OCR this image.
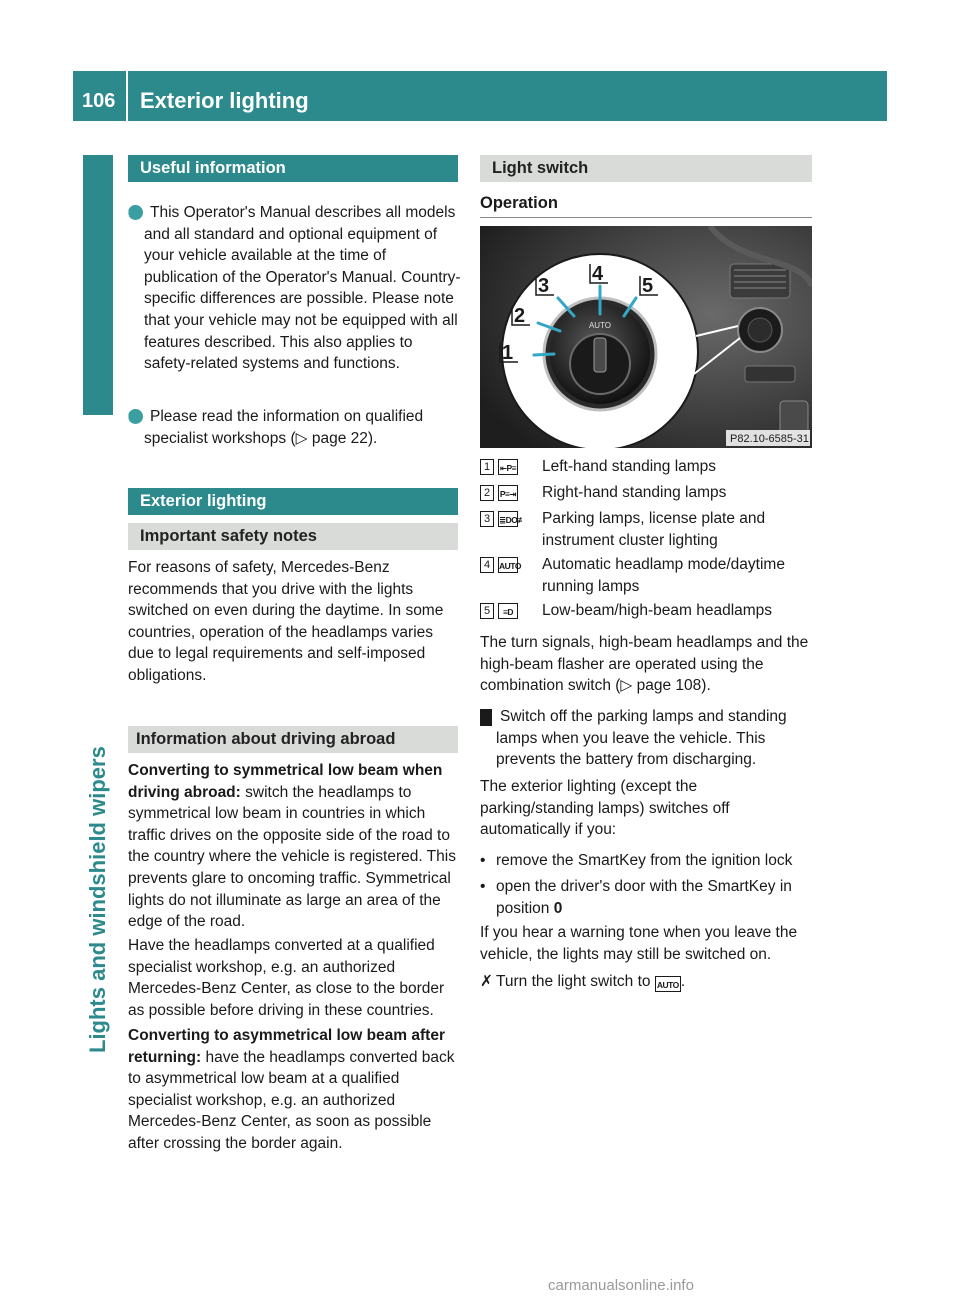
106 Exterior lighting
Lights and windshield wipers
Useful information
i This Operator's Manual describes all models and all standard and optional equipment of your vehicle available at the time of publication of the Operator's Manual. Country-specific differences are possible. Please note that your vehicle may not be equipped with all features described. This also applies to safety-related systems and functions.
i Please read the information on qualified specialist workshops (▷ page 22).
Exterior lighting
Important safety notes
For reasons of safety, Mercedes-Benz recommends that you drive with the lights switched on even during the daytime. In some countries, operation of the headlamps varies due to legal requirements and self-imposed obligations.
Information about driving abroad
Converting to symmetrical low beam when driving abroad: switch the headlamps to symmetrical low beam in countries in which traffic drives on the opposite side of the road to the country where the vehicle is registered. This prevents glare to oncoming traffic. Symmetrical lights do not illuminate as large an area of the edge of the road.
Have the headlamps converted at a qualified specialist workshop, e.g. an authorized Mercedes-Benz Center, as close to the border as possible before driving in these countries.
Converting to asymmetrical low beam after returning: have the headlamps converted back to asymmetrical low beam at a qualified specialist workshop, e.g. an authorized Mercedes-Benz Center, as soon as possible after crossing the border again.
Light switch
Operation
AUTO
1
2
3
4
5
P82.10-6585-31
1	⇤P≡ Left-hand standing lamps
2	P≡⇥ Right-hand standing lamps
3	≣DO≢ Parking lamps, license plate and instrument cluster lighting
4	AUTO Automatic headlamp mode/daytime running lamps
5	≡D	Low-beam/high-beam headlamps
The turn signals, high-beam headlamps and the high-beam flasher are operated using the combination switch (▷ page 108).
! Switch off the parking lamps and standing lamps when you leave the vehicle. This prevents the battery from discharging.
The exterior lighting (except the parking/standing lamps) switches off automatically if you:
• remove the SmartKey from the ignition lock
• open the driver's door with the SmartKey in position 0
If you hear a warning tone when you leave the vehicle, the lights may still be switched on.
✗ Turn the light switch to AUTO .
carmanualsonline.info
